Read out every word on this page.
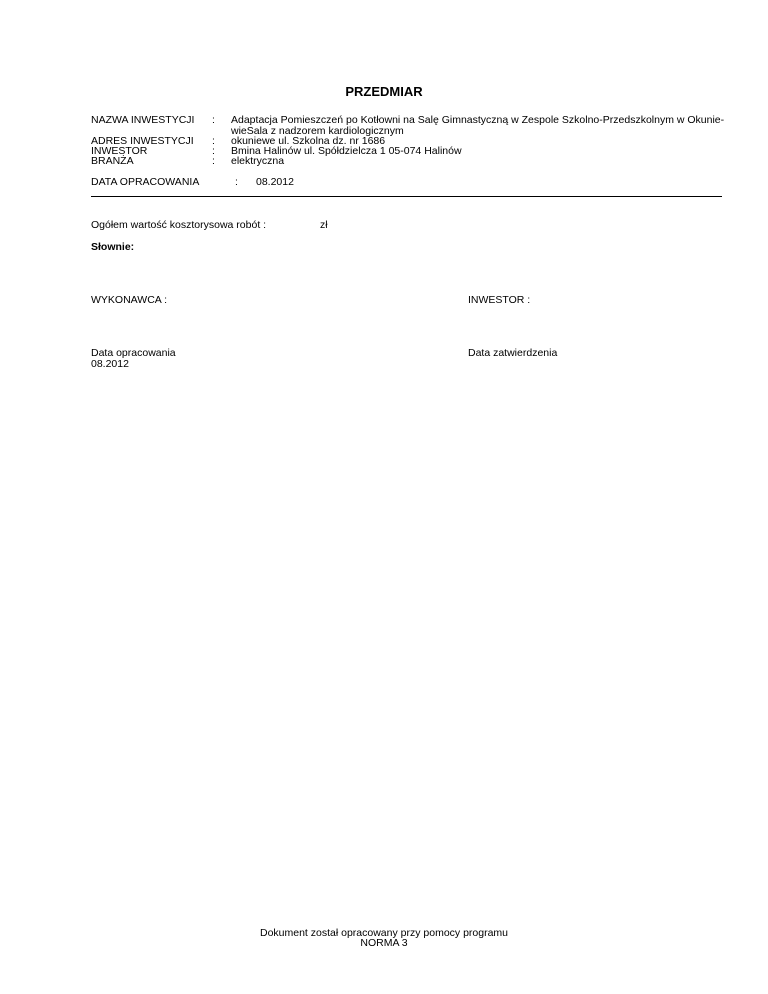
PRZEDMIAR
NAZWA INWESTYCJI : Adaptacja Pomieszczeń po Kotłowni na Salę Gimnastyczną w Zespole Szkolno-Przedszkolnym w Okunie-
wieSala z nadzorem kardiologicznym
ADRES INWESTYCJI : okuniewe ul. Szkolna dz. nr 1686
INWESTOR	: Bmina Halinów ul. Spółdzielcza 1 05-074 Halinów
BRANŻA	: elektryczna
DATA OPRACOWANIA	: 08.2012
Ogółem wartość kosztorysowa robót :	zł
Słownie:
WYKONAWCA :	INWESTOR :
Data opracowania
08.2012
Data zatwierdzenia
Dokument został opracowany przy pomocy programu
NORMA 3
